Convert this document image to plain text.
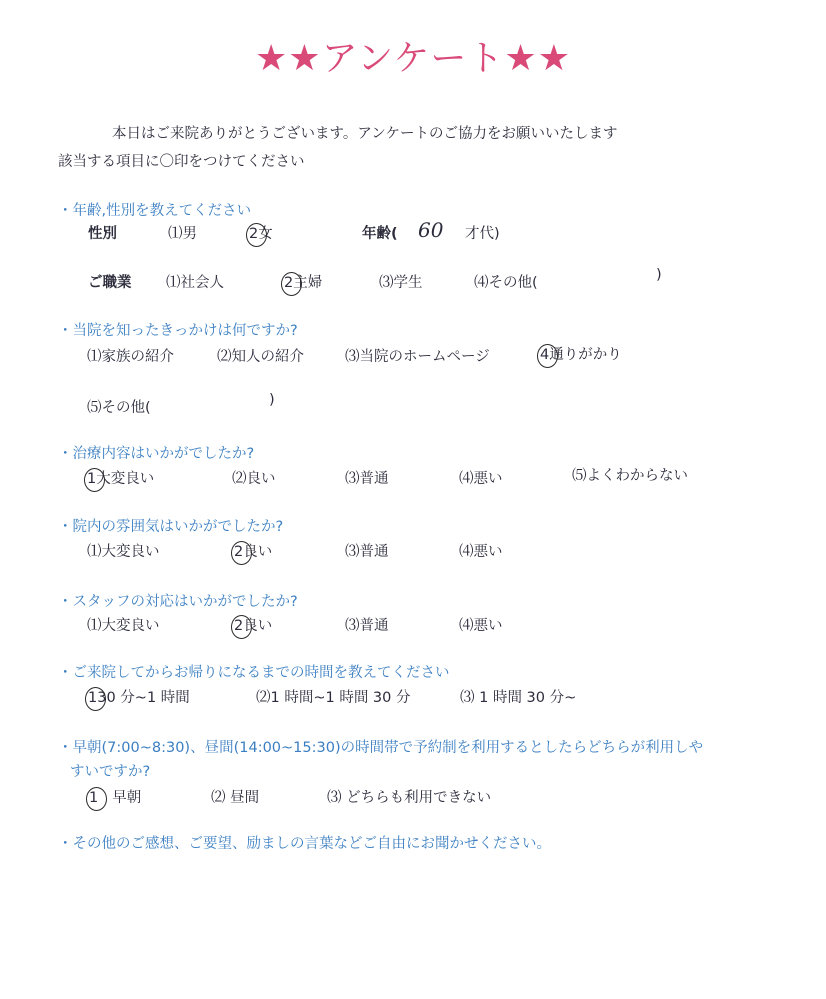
★★アンケート★★
本日はご来院ありがとうございます。アンケートのご協力をお願いいたします
該当する項目に〇印をつけてください
・年齢,性別を教えてください
性別	⑴男	2女	年齢( 60 才代)
ご職業 ⑴社会人	2主婦	⑶学生	⑷その他(	)
・当院を知ったきっかけは何ですか?
⑴家族の紹介	⑵知人の紹介	⑶当院のホームページ	4通りがかり
⑸その他(	)
・治療内容はいかがでしたか?
1大変良い	⑵良い	⑶普通	⑷悪い	⑸よくわからない
・院内の雰囲気はいかがでしたか?
⑴大変良い	2良い	⑶普通	⑷悪い
・スタッフの対応はいかがでしたか?
⑴大変良い	2良い	⑶普通	⑷悪い
・ご来院してからお帰りになるまでの時間を教えてください
130 分~1 時間	⑵1 時間~1 時間 30 分	⑶ 1 時間 30 分~
・早朝(7:00~8:30)、昼間(14:00~15:30)の時間帯で予約制を利用するとしたらどちらが利用しや
すいですか?
1 早朝	⑵ 昼間	⑶ どちらも利用できない
・その他のご感想、ご要望、励ましの言葉などご自由にお聞かせください。
